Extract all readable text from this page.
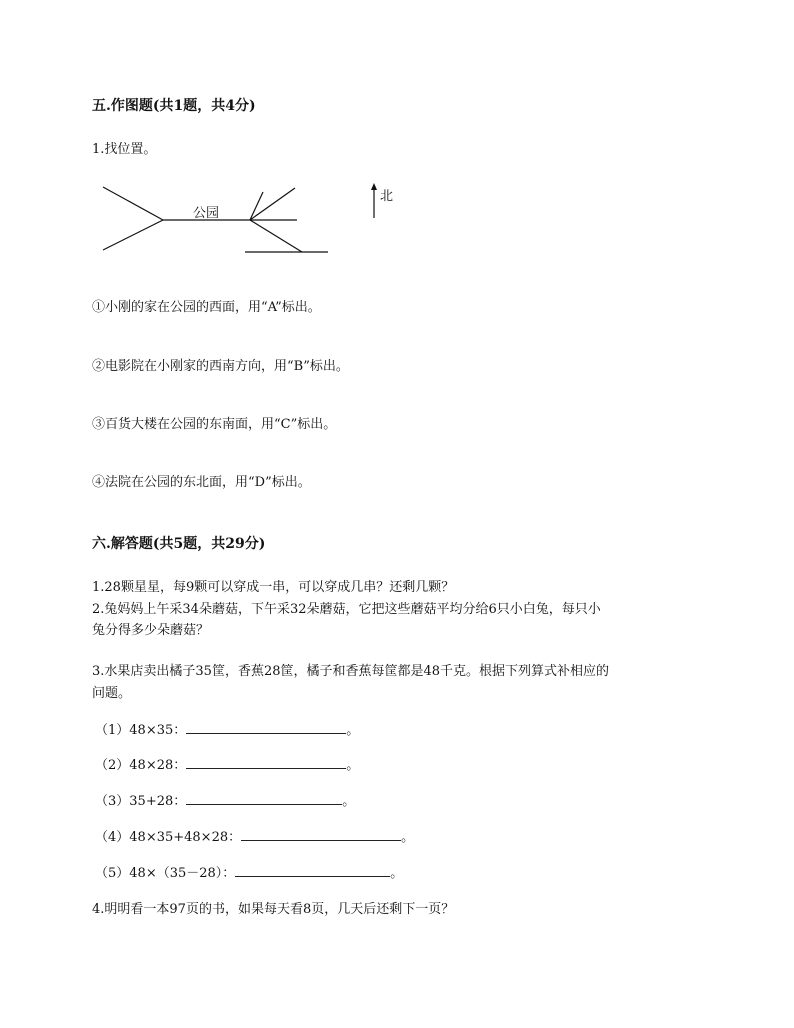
五.作图题(共1题，共4分)
1.找位置。
公园
北
①小刚的家在公园的西面，用“A”标出。
②电影院在小刚家的西南方向，用“B”标出。
③百货大楼在公园的东南面，用“C”标出。
④法院在公园的东北面，用“D”标出。
六.解答题(共5题，共29分)
1.28颗星星，每9颗可以穿成一串，可以穿成几串？还剩几颗？
2.兔妈妈上午采34朵蘑菇，下午采32朵蘑菇，它把这些蘑菇平均分给6只小白兔，每只小
兔分得多少朵蘑菇？
3.水果店卖出橘子35筐，香蕉28筐，橘子和香蕉每筐都是48千克。根据下列算式补相应的
问题。
（1）48×35：	。
（2）48×28：	。
（3）35+28：	。
（4）48×35+48×28：	。
（5）48×（35－28）：	。
4.明明看一本97页的书，如果每天看8页，几天后还剩下一页？
